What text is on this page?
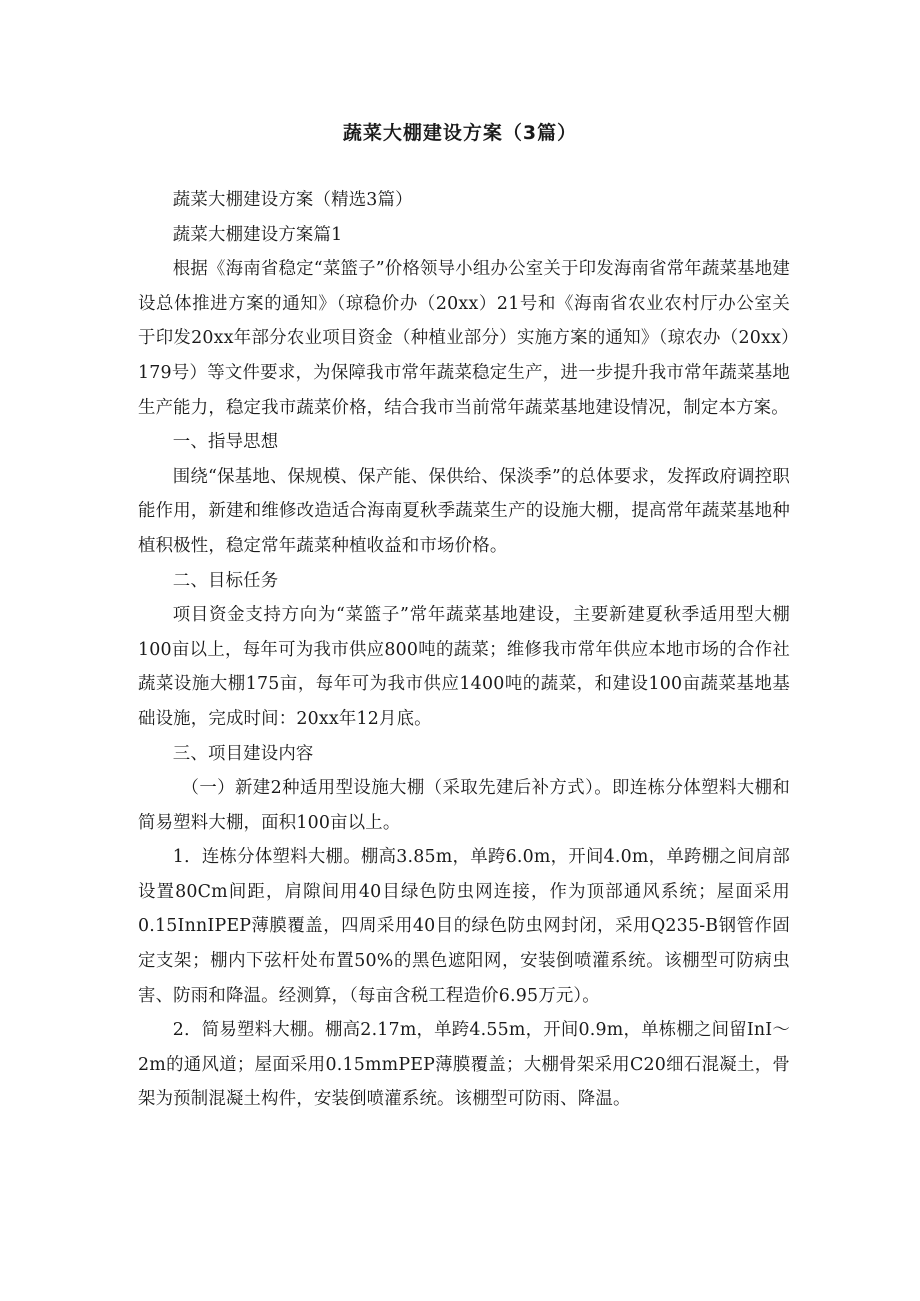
蔬菜大棚建设方案（3篇）

蔬菜大棚建设方案（精选3篇）

蔬菜大棚建设方案篇1

根据《海南省稳定“菜篮子”价格领导小组办公室关于印发海南省常年蔬菜基地建设总体推进方案的通知》（琼稳价办（20xx）21号和《海南省农业农村厅办公室关于印发20xx年部分农业项目资金（种植业部分）实施方案的通知》（琼农办（20xx）179号）等文件要求，为保障我市常年蔬菜稳定生产，进一步提升我市常年蔬菜基地生产能力，稳定我市蔬菜价格，结合我市当前常年蔬菜基地建设情况，制定本方案。

一、指导思想

围绕“保基地、保规模、保产能、保供给、保淡季”的总体要求，发挥政府调控职能作用，新建和维修改造适合海南夏秋季蔬菜生产的设施大棚，提高常年蔬菜基地种植积极性，稳定常年蔬菜种植收益和市场价格。

二、目标任务

项目资金支持方向为“菜篮子”常年蔬菜基地建设，主要新建夏秋季适用型大棚100亩以上，每年可为我市供应800吨的蔬菜；维修我市常年供应本地市场的合作社蔬菜设施大棚175亩，每年可为我市供应1400吨的蔬菜，和建设100亩蔬菜基地基础设施，完成时间：20xx年12月底。

三、项目建设内容

（一）新建2种适用型设施大棚（采取先建后补方式）。即连栋分体塑料大棚和简易塑料大棚，面积100亩以上。

1．连栋分体塑料大棚。棚高3.85m，单跨6.0m，开间4.0m，单跨棚之间肩部设置80Cm间距，肩隙间用40目绿色防虫网连接，作为顶部通风系统；屋面采用0.15InnIPEP薄膜覆盖，四周采用40目的绿色防虫网封闭，采用Q235-B钢管作固定支架；棚内下弦杆处布置50%的黑色遮阳网，安装倒喷灌系统。该棚型可防病虫害、防雨和降温。经测算，（每亩含税工程造价6.95万元）。

2．简易塑料大棚。棚高2.17m，单跨4.55m，开间0.9m，单栋棚之间留InI～2m的通风道；屋面采用0.15mmPEP薄膜覆盖；大棚骨架采用C20细石混凝土，骨架为预制混凝土构件，安装倒喷灌系统。该棚型可防雨、降温。
